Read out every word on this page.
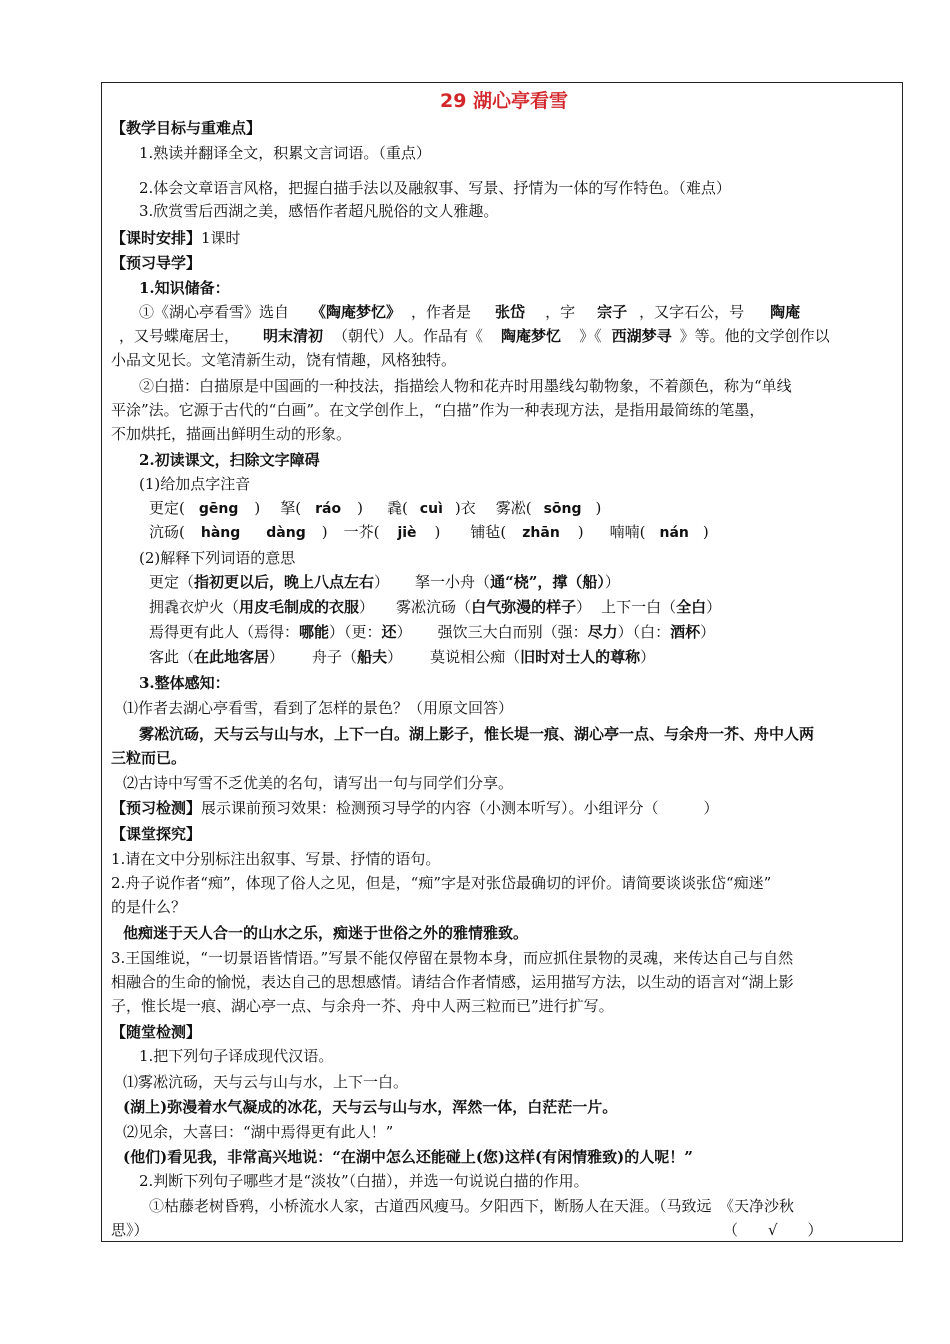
29 湖心亭看雪
【教学目标与重难点】
1.熟读并翻译全文，积累文言词语。（重点）
2.体会文章语言风格，把握白描手法以及融叙事、写景、抒情为一体的写作特色。（难点）
3.欣赏雪后西湖之美，感悟作者超凡脱俗的文人雅趣。
【课时安排】1课时
【预习导学】
1.知识储备：
①《湖心亭看雪》选自 《陶庵梦忆》 ，作者是 张岱 ，字 宗子 ，又字石公，号 陶庵
，又号蝶庵居士， 明末清初 （朝代）人。作品有《 陶庵梦忆 》《 西湖梦寻 》等。他的文学创作以
小品文见长。文笔清新生动，饶有情趣，风格独特。
②白描：白描原是中国画的一种技法，指描绘人物和花卉时用墨线勾勒物象，不着颜色，称为“单线
平涂”法。它源于古代的“白画”。在文学创作上，“白描”作为一种表现方法，是指用最简练的笔墨，
不加烘托，描画出鲜明生动的形象。
2.初读课文，扫除文字障碍
(1)给加点字注音
更定( gēng ) 拏( ráo ) 毳( cuì )衣 雾凇( sōng )
沆砀( hàng dàng ) 一芥( jiè ) 铺毡( zhān ) 喃喃( nán )
(2)解释下列词语的意思
更定（指初更以后，晚上八点左右） 拏一小舟（通“桡”，撑（船））
拥毳衣炉火（用皮毛制成的衣服） 雾凇沆砀（白气弥漫的样子） 上下一白（全白）
焉得更有此人（焉得：哪能）（更：还） 强饮三大白而别（强：尽力）（白：酒杯）
客此（在此地客居） 舟子（船夫） 莫说相公痴（旧时对士人的尊称）
3.整体感知：
⑴作者去湖心亭看雪，看到了怎样的景色？（用原文回答）
雾凇沆砀，天与云与山与水，上下一白。湖上影子，惟长堤一痕、湖心亭一点、与余舟一芥、舟中人两
三粒而已。
⑵古诗中写雪不乏优美的名句，请写出一句与同学们分享。
【预习检测】展示课前预习效果：检测预习导学的内容（小测本听写）。小组评分（　　　）
【课堂探究】
1.请在文中分别标注出叙事、写景、抒情的语句。
2.舟子说作者“痴”，体现了俗人之见，但是，“痴”字是对张岱最确切的评价。请简要谈谈张岱“痴迷”
的是什么？
他痴迷于天人合一的山水之乐，痴迷于世俗之外的雅情雅致。
3.王国维说，“一切景语皆情语。”写景不能仅停留在景物本身，而应抓住景物的灵魂，来传达自己与自然
相融合的生命的愉悦，表达自己的思想感情。请结合作者情感，运用描写方法，以生动的语言对“湖上影
子，惟长堤一痕、湖心亭一点、与余舟一芥、舟中人两三粒而已”进行扩写。
【随堂检测】
1.把下列句子译成现代汉语。
⑴雾凇沆砀，天与云与山与水，上下一白。
(湖上)弥漫着水气凝成的冰花，天与云与山与水，浑然一体，白茫茫一片。
⑵见余，大喜曰：“湖中焉得更有此人！”
(他们)看见我，非常高兴地说：“在湖中怎么还能碰上(您)这样(有闲情雅致)的人呢！”
2.判断下列句子哪些才是“淡妆”（白描），并选一句说说白描的作用。
①枯藤老树昏鸦，小桥流水人家，古道西风瘦马。夕阳西下，断肠人在天涯。（马致远　《天净沙秋
思》）	（　　√　　）
